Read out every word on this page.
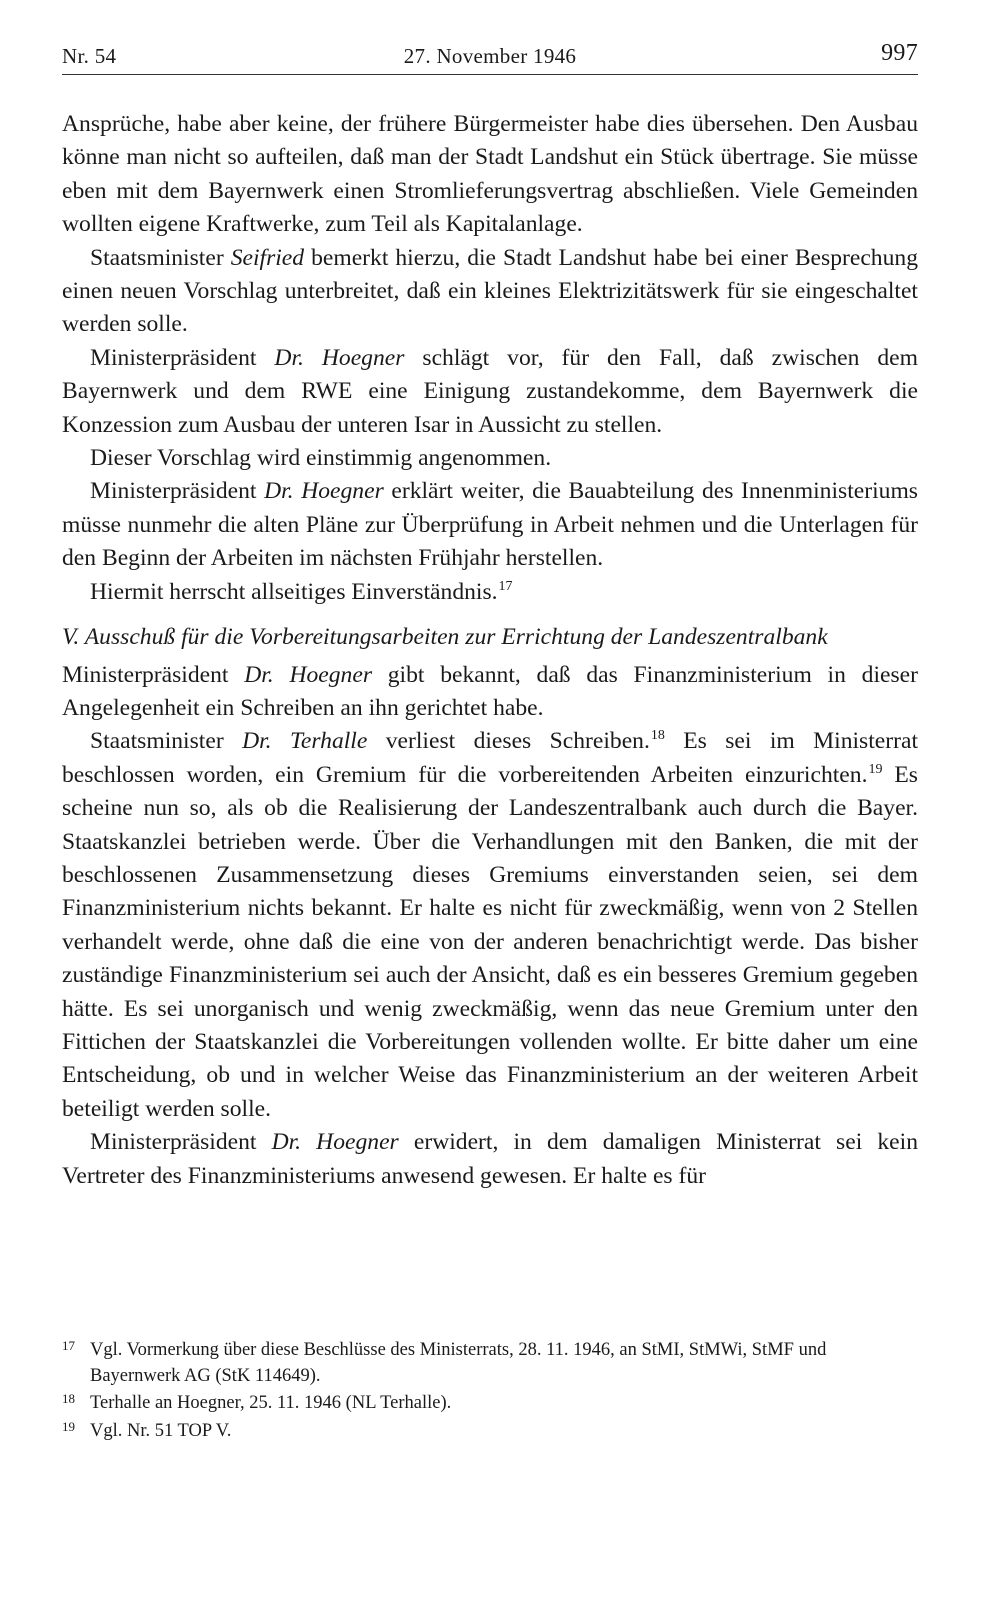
Nr. 54	27. November 1946	997

Ansprüche, habe aber keine, der frühere Bürgermeister habe dies übersehen. Den Ausbau könne man nicht so aufteilen, daß man der Stadt Landshut ein Stück übertrage. Sie müsse eben mit dem Bayernwerk einen Stromlieferungsvertrag abschließen. Viele Gemeinden wollten eigene Kraftwerke, zum Teil als Kapitalanlage.

Staatsminister Seifried bemerkt hierzu, die Stadt Landshut habe bei einer Besprechung einen neuen Vorschlag unterbreitet, daß ein kleines Elektrizitätswerk für sie eingeschaltet werden solle.

Ministerpräsident Dr. Hoegner schlägt vor, für den Fall, daß zwischen dem Bayernwerk und dem RWE eine Einigung zustandekomme, dem Bayernwerk die Konzession zum Ausbau der unteren Isar in Aussicht zu stellen.

Dieser Vorschlag wird einstimmig angenommen.

Ministerpräsident Dr. Hoegner erklärt weiter, die Bauabteilung des Innenministeriums müsse nunmehr die alten Pläne zur Überprüfung in Arbeit nehmen und die Unterlagen für den Beginn der Arbeiten im nächsten Frühjahr herstellen.

Hiermit herrscht allseitiges Einverständnis.$^{17}$

V. Ausschuß für die Vorbereitungsarbeiten zur Errichtung der Landeszentralbank

Ministerpräsident Dr. Hoegner gibt bekannt, daß das Finanzministerium in dieser Angelegenheit ein Schreiben an ihn gerichtet habe.

Staatsminister Dr. Terhalle verliest dieses Schreiben.$^{18}$ Es sei im Ministerrat beschlossen worden, ein Gremium für die vorbereitenden Arbeiten einzurichten.$^{19}$ Es scheine nun so, als ob die Realisierung der Landeszentralbank auch durch die Bayer. Staatskanzlei betrieben werde. Über die Verhandlungen mit den Banken, die mit der beschlossenen Zusammensetzung dieses Gremiums einverstanden seien, sei dem Finanzministerium nichts bekannt. Er halte es nicht für zweckmäßig, wenn von 2 Stellen verhandelt werde, ohne daß die eine von der anderen benachrichtigt werde. Das bisher zuständige Finanzministerium sei auch der Ansicht, daß es ein besseres Gremium gegeben hätte. Es sei unorganisch und wenig zweckmäßig, wenn das neue Gremium unter den Fittichen der Staatskanzlei die Vorbereitungen vollenden wollte. Er bitte daher um eine Entscheidung, ob und in welcher Weise das Finanzministerium an der weiteren Arbeit beteiligt werden solle.

Ministerpräsident Dr. Hoegner erwidert, in dem damaligen Ministerrat sei kein Vertreter des Finanzministeriums anwesend gewesen. Er halte es für

17 Vgl. Vormerkung über diese Beschlüsse des Ministerrats, 28. 11. 1946, an StMI, StMWi, StMF und Bayernwerk AG (StK 114649).

18 Terhalle an Hoegner, 25. 11. 1946 (NL Terhalle).

19 Vgl. Nr. 51 TOP V.
